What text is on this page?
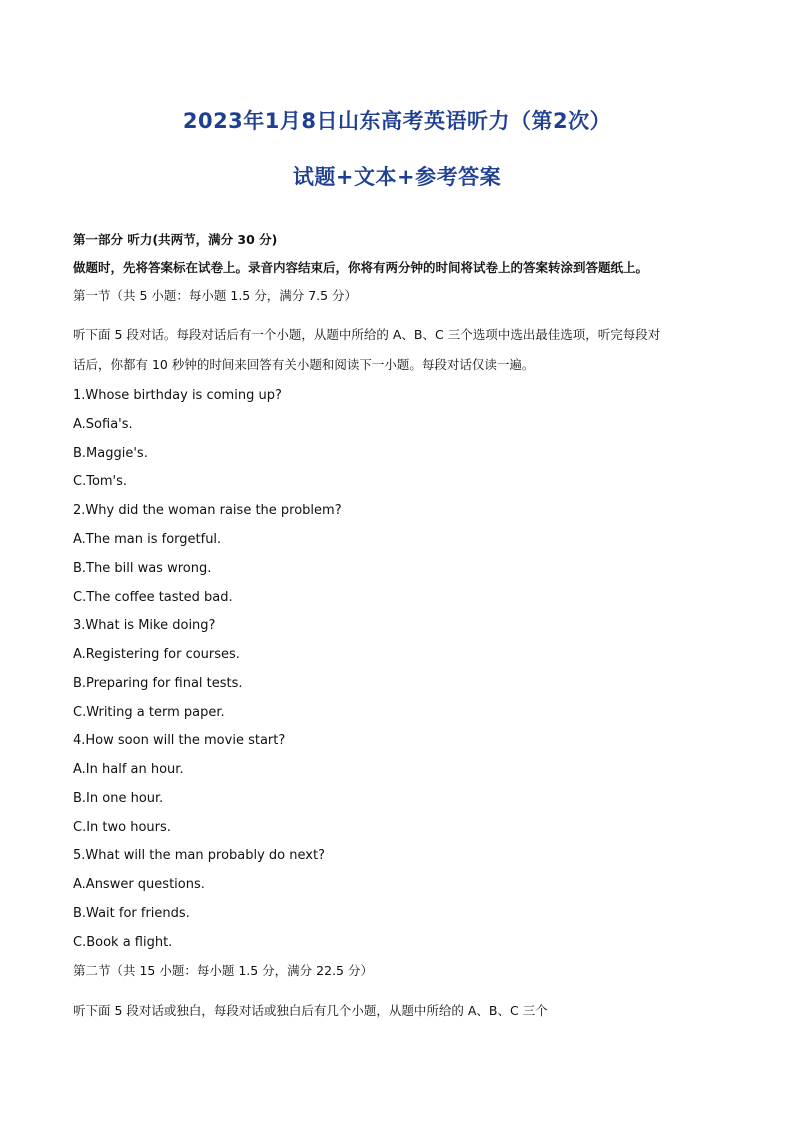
2023年1月8日山东高考英语听力（第2次）
试题+文本+参考答案
第一部分 听力(共两节，满分 30 分)
做题时，先将答案标在试卷上。录音内容结束后，你将有两分钟的时间将试卷上的答案转涂到答题纸上。
第一节（共 5 小题：每小题 1.5 分，满分 7.5 分）
听下面 5 段对话。每段对话后有一个小题，从题中所给的 A、B、C 三个选项中选出最佳选项，听完每段对
话后，你都有 10 秒钟的时间来回答有关小题和阅读下一小题。每段对话仅读一遍。
1.Whose birthday is coming up?
A.Sofia's.
B.Maggie's.
C.Tom's.
2.Why did the woman raise the problem?
A.The man is forgetful.
B.The bill was wrong.
C.The coffee tasted bad.
3.What is Mike doing?
A.Registering for courses.
B.Preparing for final tests.
C.Writing a term paper.
4.How soon will the movie start?
A.In half an hour.
B.In one hour.
C.In two hours.
5.What will the man probably do next?
A.Answer questions.
B.Wait for friends.
C.Book a flight.
第二节（共 15 小题：每小题 1.5 分，满分 22.5 分）
听下面 5 段对话或独白，每段对话或独白后有几个小题，从题中所给的 A、B、C 三个
